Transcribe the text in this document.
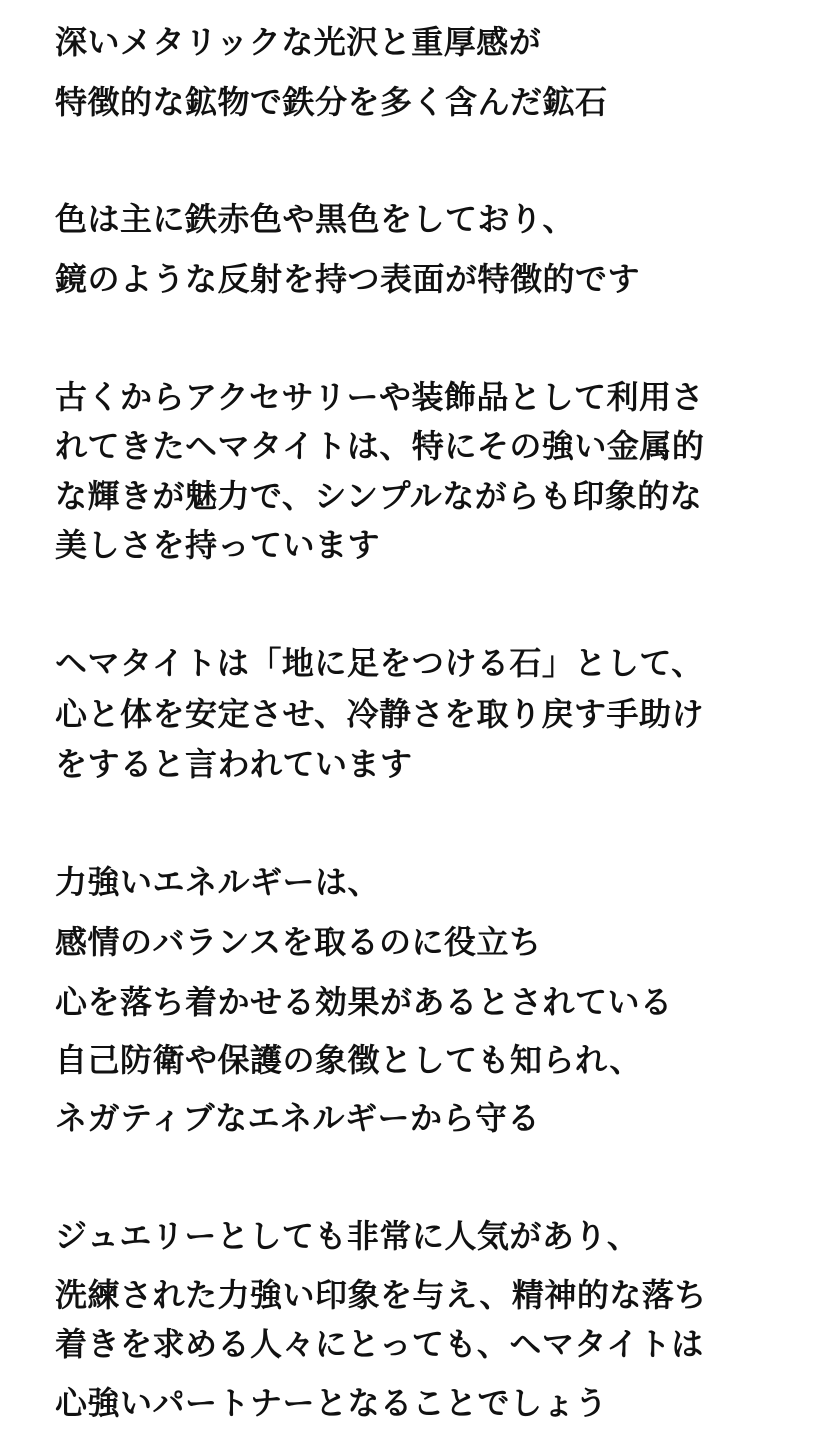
深いメタリックな光沢と重厚感が
特徴的な鉱物で鉄分を多く含んだ鉱石
色は主に鉄赤色や黒色をしており、
鏡のような反射を持つ表面が特徴的です
古くからアクセサリーや装飾品として利用さ
れてきたヘマタイトは、特にその強い金属的
な輝きが魅力で、シンプルながらも印象的な
美しさを持っています
ヘマタイトは「地に足をつける石」として、
心と体を安定させ、冷静さを取り戻す手助け
をすると言われています
力強いエネルギーは、
感情のバランスを取るのに役立ち
心を落ち着かせる効果があるとされている
自己防衛や保護の象徴としても知られ、
ネガティブなエネルギーから守る
ジュエリーとしても非常に人気があり、
洗練された力強い印象を与え、精神的な落ち
着きを求める人々にとっても、ヘマタイトは
心強いパートナーとなることでしょう
